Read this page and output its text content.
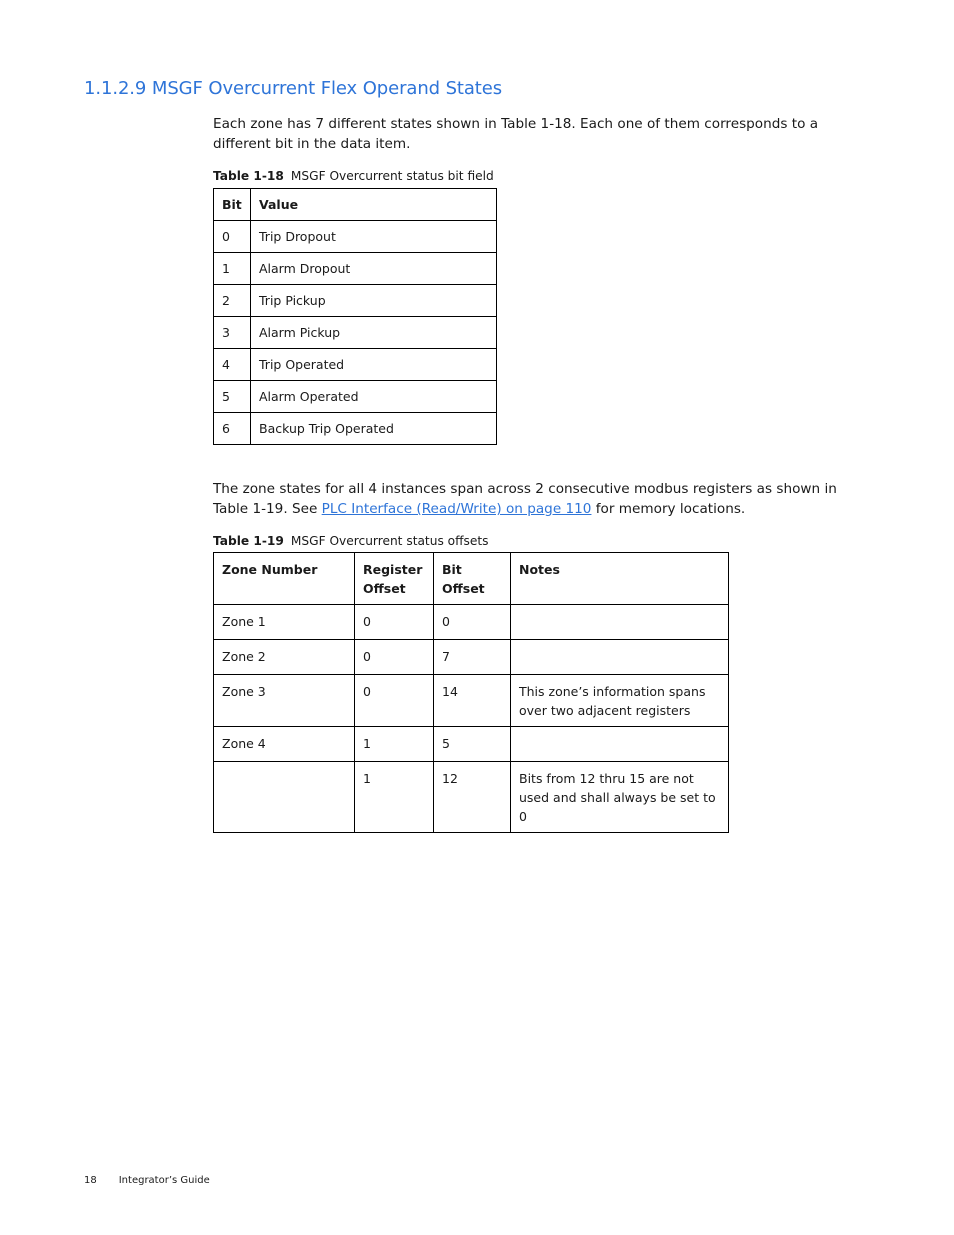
1.1.2.9 MSGF Overcurrent Flex Operand States

Each zone has 7 different states shown in Table 1-18. Each one of them corresponds to a different bit in the data item.

Table 1-18 MSGF Overcurrent status bit field
Bit	Value
0	Trip Dropout
1	Alarm Dropout
2	Trip Pickup
3	Alarm Pickup
4	Trip Operated
5	Alarm Operated
6	Backup Trip Operated

The zone states for all 4 instances span across 2 consecutive modbus registers as shown in Table 1-19. See PLC Interface (Read/Write) on page 110 for memory locations.

Table 1-19 MSGF Overcurrent status offsets
Zone Number	Register Offset	Bit Offset	Notes
Zone 1	0	0	
Zone 2	0	7	
Zone 3	0	14	This zone’s information spans over two adjacent registers
Zone 4	1	5	
	1	12	Bits from 12 thru 15 are not used and shall always be set to 0
18 Integrator’s Guide
